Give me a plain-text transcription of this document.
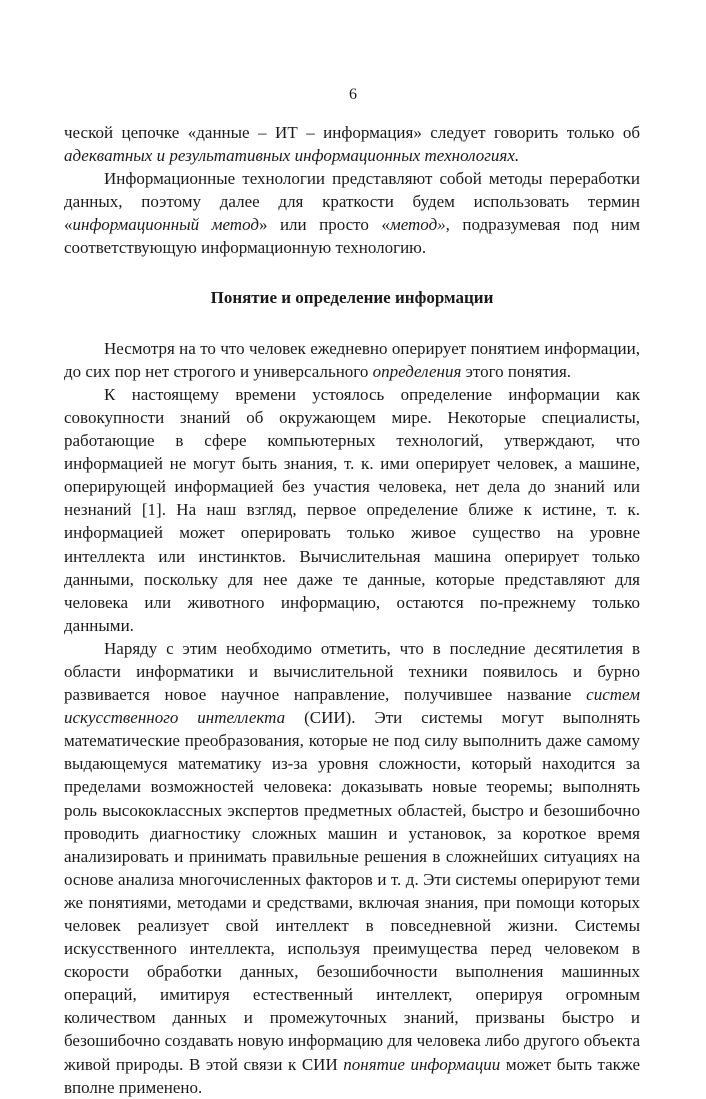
6

ческой цепочке «данные – ИТ – информация» следует говорить только об адекватных и результативных информационных технологиях.

Информационные технологии представляют собой методы переработки данных, поэтому далее для краткости будем использовать термин «информационный метод» или просто «метод», подразумевая под ним соответствующую информационную технологию.

Понятие и определение информации

Несмотря на то что человек ежедневно оперирует понятием информации, до сих пор нет строгого и универсального определения этого понятия.

К настоящему времени устоялось определение информации как совокупности знаний об окружающем мире. Некоторые специалисты, работающие в сфере компьютерных технологий, утверждают, что информацией не могут быть знания, т. к. ими оперирует человек, а машине, оперирующей информацией без участия человека, нет дела до знаний или незнаний [1]. На наш взгляд, первое определение ближе к истине, т. к. информацией может оперировать только живое существо на уровне интеллекта или инстинктов. Вычислительная машина оперирует только данными, поскольку для нее даже те данные, которые представляют для человека или животного информацию, остаются по-прежнему только данными.

Наряду с этим необходимо отметить, что в последние десятилетия в области информатики и вычислительной техники появилось и бурно развивается новое научное направление, получившее название систем искусственного интеллекта (СИИ). Эти системы могут выполнять математические преобразования, которые не под силу выполнить даже самому выдающемуся математику из-за уровня сложности, который находится за пределами возможностей человека: доказывать новые теоремы; выполнять роль высококлассных экспертов предметных областей, быстро и безошибочно проводить диагностику сложных машин и установок, за короткое время анализировать и принимать правильные решения в сложнейших ситуациях на основе анализа многочисленных факторов и т. д. Эти системы оперируют теми же понятиями, методами и средствами, включая знания, при помощи которых человек реализует свой интеллект в повседневной жизни. Системы искусственного интеллекта, используя преимущества перед человеком в скорости обработки данных, безошибочности выполнения машинных операций, имитируя естественный интеллект, оперируя огромным количеством данных и промежуточных знаний, призваны быстро и безошибочно создавать новую информацию для человека либо другого объекта живой природы. В этой связи к СИИ понятие информации может быть также вполне применено.
